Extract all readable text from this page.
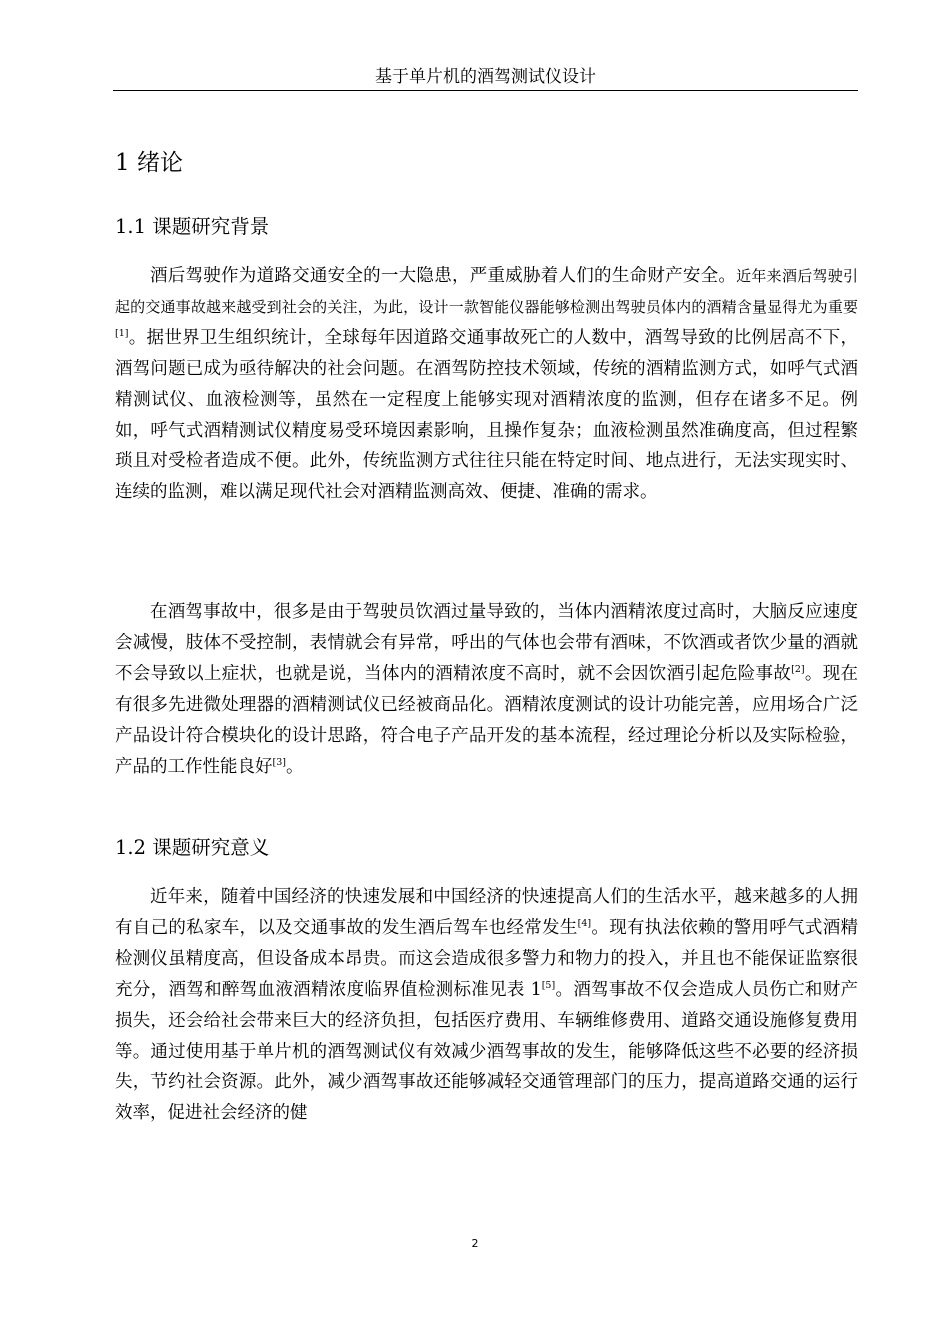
基于单片机的酒驾测试仪设计
1 绪论
1.1 课题研究背景

酒后驾驶作为道路交通安全的一大隐患，严重威胁着人们的生命财产安全。近年来酒后驾驶引起的交通事故越来越受到社会的关注，为此，设计一款智能仪器能够检测出驾驶员体内的酒精含量显得尤为重要[1]。据世界卫生组织统计，全球每年因道路交通事故死亡的人数中，酒驾导致的比例居高不下，酒驾问题已成为亟待解决的社会问题。在酒驾防控技术领域，传统的酒精监测方式，如呼气式酒精测试仪、血液检测等，虽然在一定程度上能够实现对酒精浓度的监测，但存在诸多不足。例如，呼气式酒精测试仪精度易受环境因素影响，且操作复杂；血液检测虽然准确度高，但过程繁琐且对受检者造成不便。此外，传统监测方式往往只能在特定时间、地点进行，无法实现实时、连续的监测，难以满足现代社会对酒精监测高效、便捷、准确的需求。

在酒驾事故中，很多是由于驾驶员饮酒过量导致的，当体内酒精浓度过高时，大脑反应速度会减慢，肢体不受控制，表情就会有异常，呼出的气体也会带有酒味，不饮酒或者饮少量的酒就不会导致以上症状，也就是说，当体内的酒精浓度不高时，就不会因饮酒引起危险事故[2]。现在有很多先进微处理器的酒精测试仪已经被商品化。酒精浓度测试的设计功能完善，应用场合广泛产品设计符合模块化的设计思路，符合电子产品开发的基本流程，经过理论分析以及实际检验，产品的工作性能良好[3]。

1.2 课题研究意义

近年来，随着中国经济的快速发展和中国经济的快速提高人们的生活水平，越来越多的人拥有自己的私家车，以及交通事故的发生酒后驾车也经常发生[4]。现有执法依赖的警用呼气式酒精检测仪虽精度高，但设备成本昂贵。而这会造成很多警力和物力的投入，并且也不能保证监察很充分，酒驾和醉驾血液酒精浓度临界值检测标准见表 1[5]。酒驾事故不仅会造成人员伤亡和财产损失，还会给社会带来巨大的经济负担，包括医疗费用、车辆维修费用、道路交通设施修复费用等。通过使用基于单片机的酒驾测试仪有效减少酒驾事故的发生，能够降低这些不必要的经济损失，节约社会资源。此外，减少酒驾事故还能够减轻交通管理部门的压力，提高道路交通的运行效率，促进社会经济的健

2
